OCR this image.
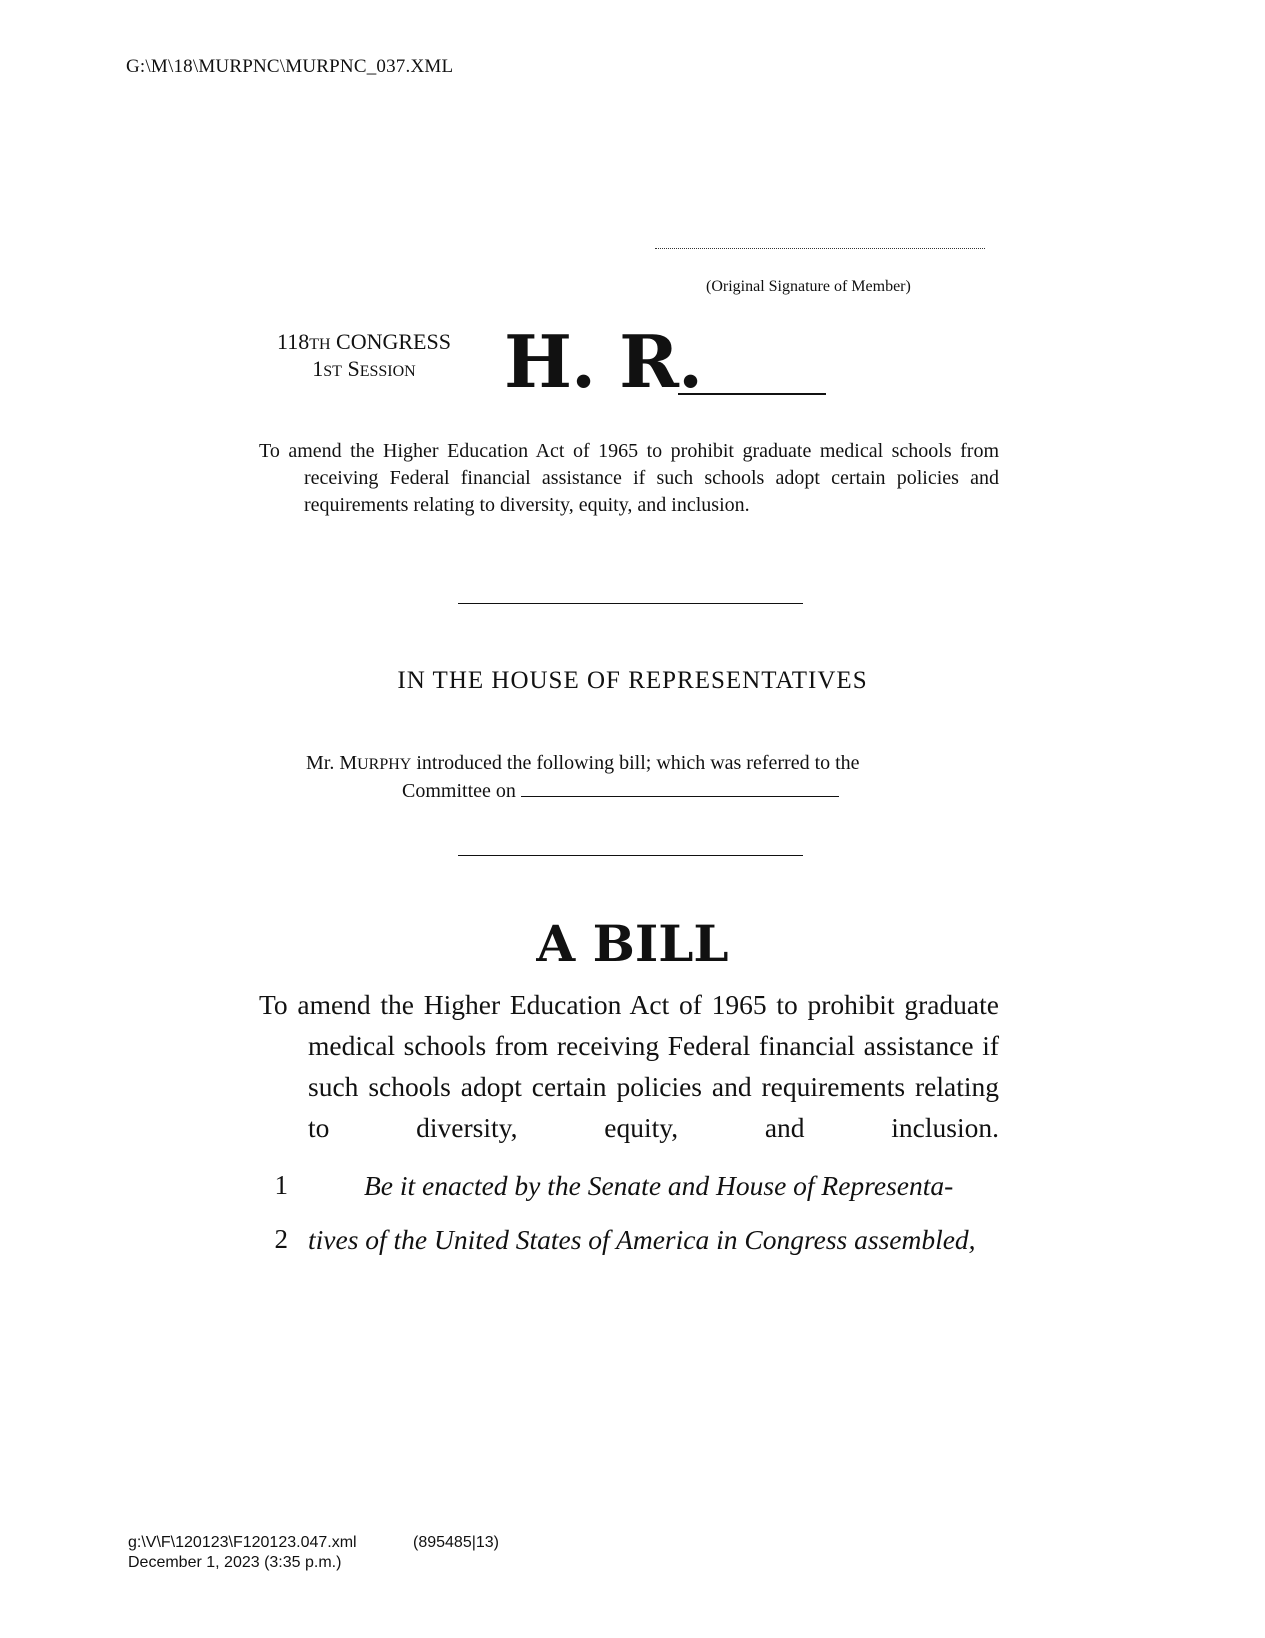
G:\M\18\MURPNC\MURPNC_037.XML
(Original Signature of Member)
118TH CONGRESS
1ST SESSION	H. R.
To amend the Higher Education Act of 1965 to prohibit graduate medical schools from receiving Federal financial assistance if such schools adopt certain policies and requirements relating to diversity, equity, and inclusion.
IN THE HOUSE OF REPRESENTATIVES
Mr. MURPHY introduced the following bill; which was referred to the
Committee on
A BILL
To amend the Higher Education Act of 1965 to prohibit graduate medical schools from receiving Federal financial assistance if such schools adopt certain policies and requirements relating to diversity, equity, and inclusion.
1	Be it enacted by the Senate and House of Representa-
2 tives of the United States of America in Congress assembled,
g:\V\F\120123\F120123.047.xml	(895485|13)
December 1, 2023 (3:35 p.m.)
